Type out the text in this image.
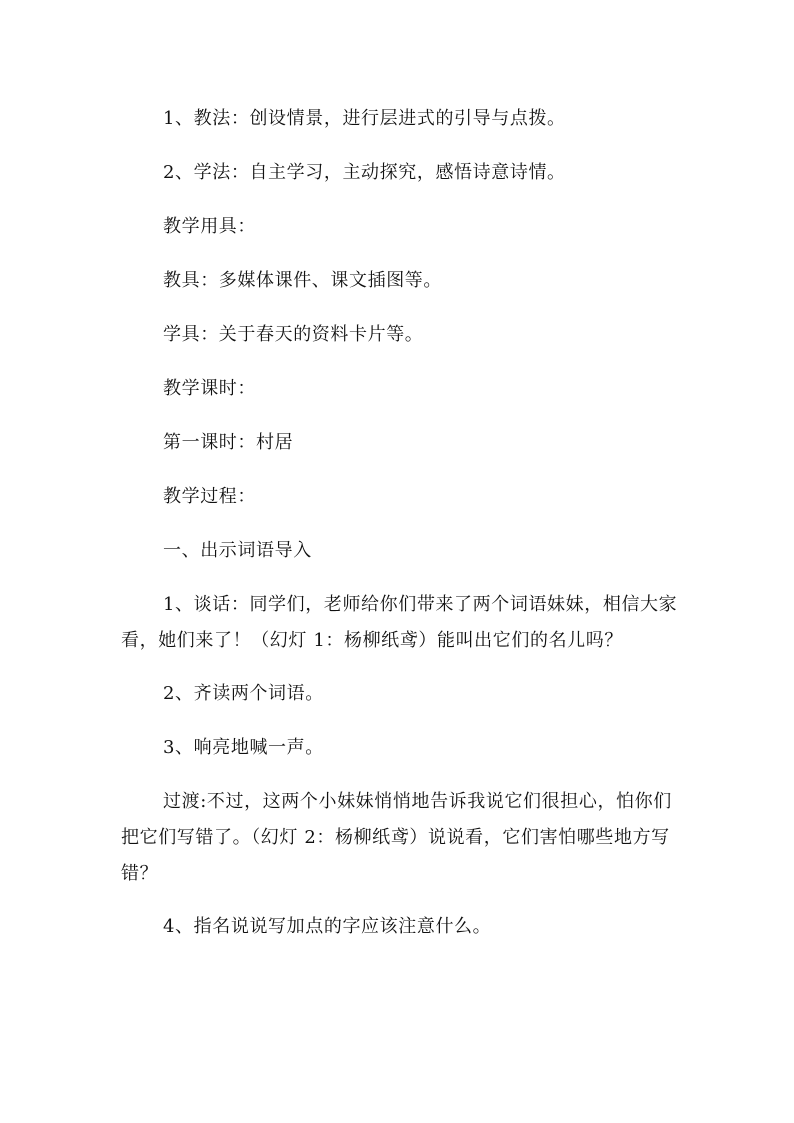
1、教法：创设情景，进行层进式的引导与点拨。

2、学法：自主学习，主动探究，感悟诗意诗情。

教学用具：

教具：多媒体课件、课文插图等。

学具：关于春天的资料卡片等。

教学课时：

第一课时：村居

教学过程：

一、出示词语导入

1、谈话：同学们，老师给你们带来了两个词语妹妹，相信大家看，她们来了！（幻灯 1：杨柳纸鸢）能叫出它们的名儿吗？

2、齐读两个词语。

3、响亮地喊一声。

过渡:不过，这两个小妹妹悄悄地告诉我说它们很担心，怕你们把它们写错了。（幻灯 2：杨柳纸鸢）说说看，它们害怕哪些地方写错？

4、指名说说写加点的字应该注意什么。
